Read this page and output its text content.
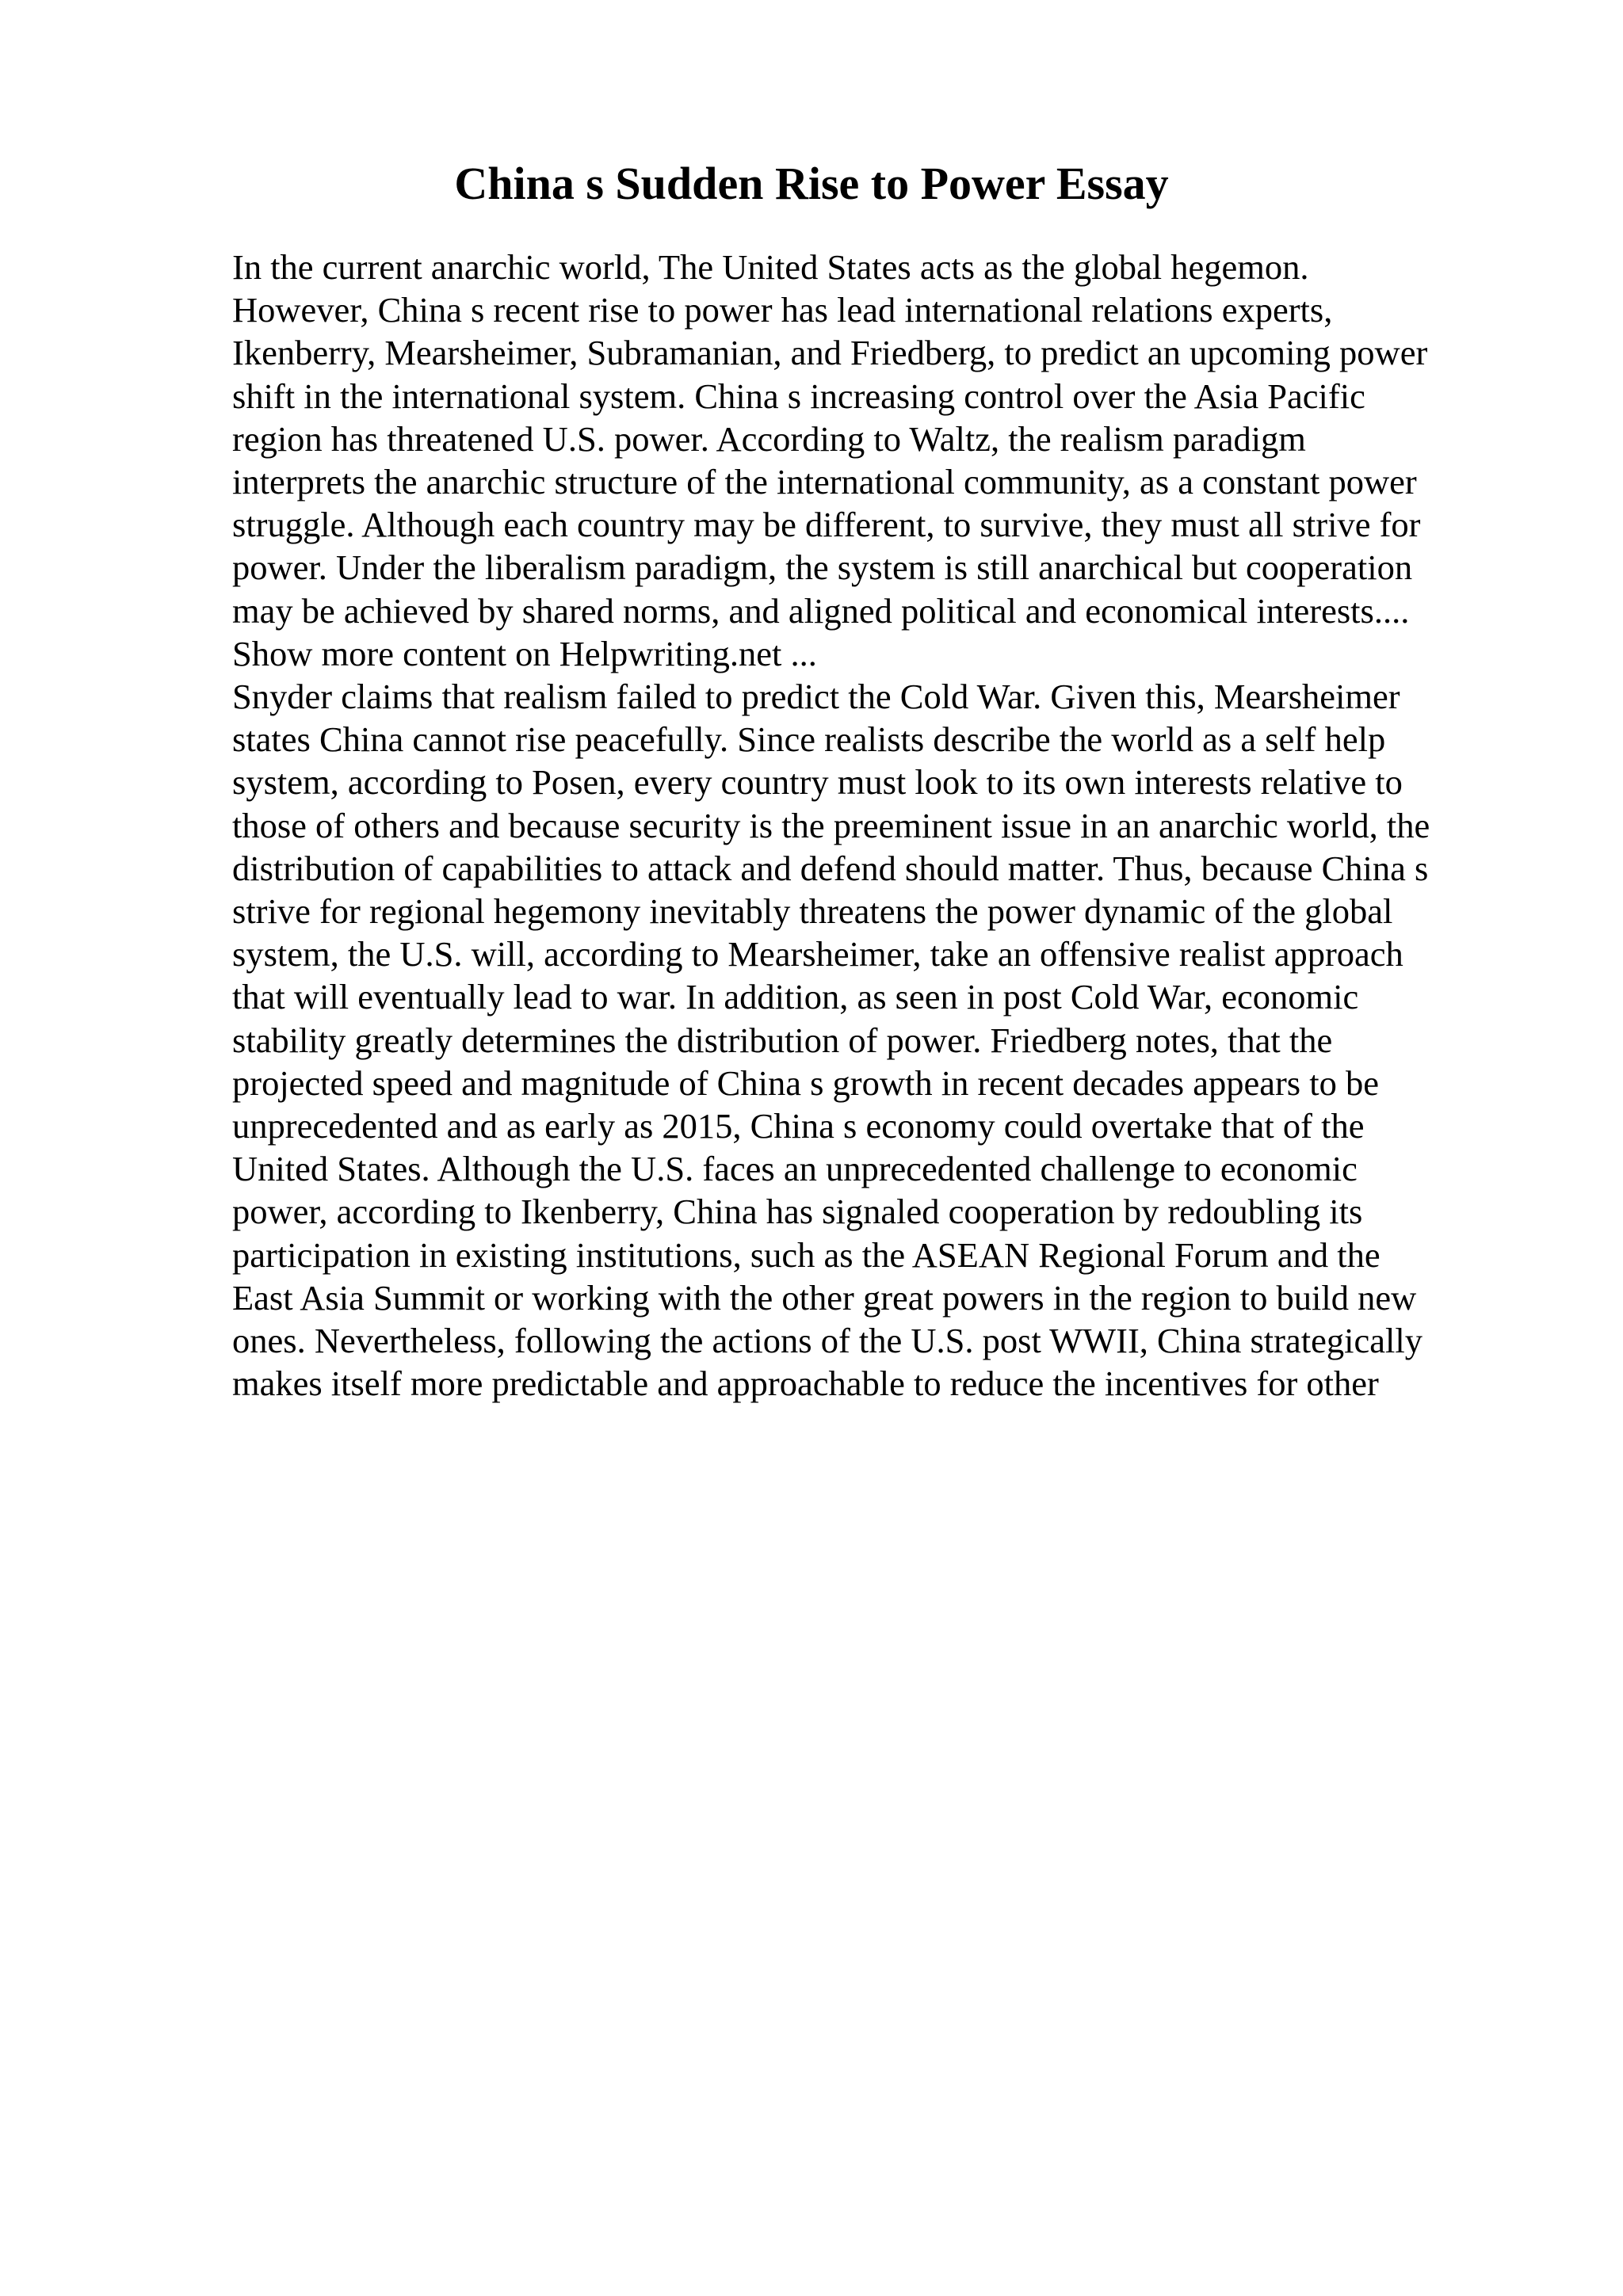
China s Sudden Rise to Power Essay
In the current anarchic world, The United States acts as the global hegemon.
However, China s recent rise to power has lead international relations experts,
Ikenberry, Mearsheimer, Subramanian, and Friedberg, to predict an upcoming power
shift in the international system. China s increasing control over the Asia Pacific
region has threatened U.S. power. According to Waltz, the realism paradigm
interprets the anarchic structure of the international community, as a constant power
struggle. Although each country may be different, to survive, they must all strive for
power. Under the liberalism paradigm, the system is still anarchical but cooperation
may be achieved by shared norms, and aligned political and economical interests....
Show more content on Helpwriting.net ...
Snyder claims that realism failed to predict the Cold War. Given this, Mearsheimer
states China cannot rise peacefully. Since realists describe the world as a self help
system, according to Posen, every country must look to its own interests relative to
those of others and because security is the preeminent issue in an anarchic world, the
distribution of capabilities to attack and defend should matter. Thus, because China s
strive for regional hegemony inevitably threatens the power dynamic of the global
system, the U.S. will, according to Mearsheimer, take an offensive realist approach
that will eventually lead to war. In addition, as seen in post Cold War, economic
stability greatly determines the distribution of power. Friedberg notes, that the
projected speed and magnitude of China s growth in recent decades appears to be
unprecedented and as early as 2015, China s economy could overtake that of the
United States. Although the U.S. faces an unprecedented challenge to economic
power, according to Ikenberry, China has signaled cooperation by redoubling its
participation in existing institutions, such as the ASEAN Regional Forum and the
East Asia Summit or working with the other great powers in the region to build new
ones. Nevertheless, following the actions of the U.S. post WWII, China strategically
makes itself more predictable and approachable to reduce the incentives for other
